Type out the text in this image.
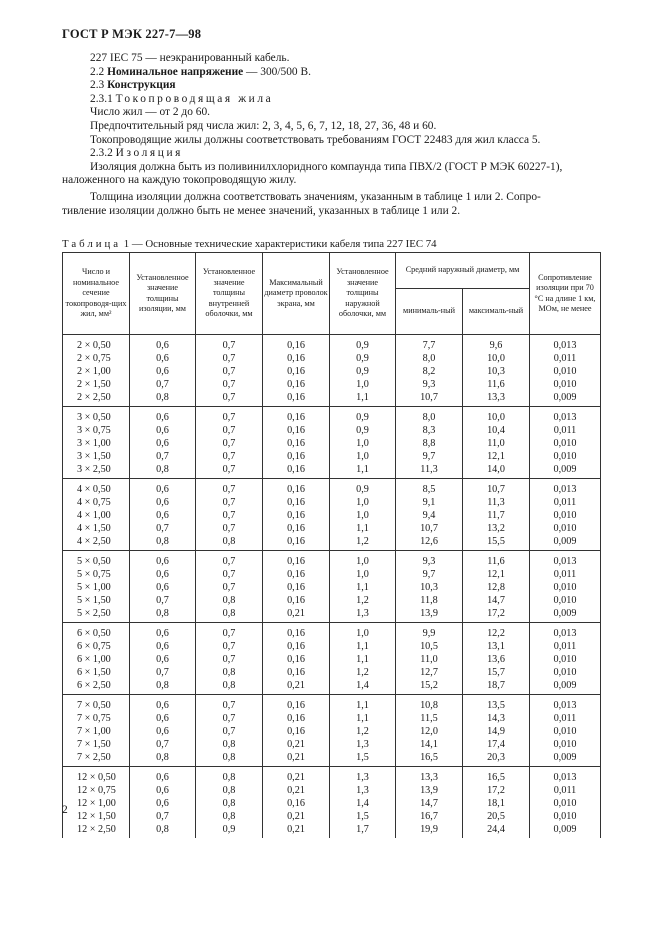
ГОСТ Р МЭК 227-7—98

227 IEC 75 — неэкранированный кабель.

2.2 Номинальное напряжение — 300/500 В.

2.3 Конструкция

2.3.1 Токопроводящая жила

Число жил — от 2 до 60.

Предпочтительный ряд числа жил: 2, 3, 4, 5, 6, 7, 12, 18, 27, 36, 48 и 60.

Токопроводящие жилы должны соответствовать требованиям ГОСТ 22483 для жил класса 5.

2.3.2 Изоляция

Изоляция должна быть из поливинилхлоридного компаунда типа ПВХ/2 (ГОСТ Р МЭК 60227-1),

наложенного на каждую токопроводящую жилу.

Толщина изоляции должна соответствовать значениям, указанным в таблице 1 или 2. Сопро-

тивление изоляции должно быть не менее значений, указанных в таблице 1 или 2.

Таблица 1 — Основные технические характеристики кабеля типа 227 IEC 74
Число и номинальное сечение токопроводя-щих жил, мм²	Установленное значение толщины изоляции, мм	Установленное значение толщины внутренней оболочки, мм	Максимальный диаметр проволок экрана, мм	Установленное значение толщины наружной оболочки, мм	Средний наружный диаметр, мм		Сопротивление изоляции при 70 °С на длине 1 км, МОм, не менее
					минималь-ный	максималь-ный	
2 × 0,50	0,6	0,7	0,16	0,9	7,7	9,6	0,013
2 × 0,75	0,6	0,7	0,16	0,9	8,0	10,0	0,011
2 × 1,00	0,6	0,7	0,16	0,9	8,2	10,3	0,010
2 × 1,50	0,7	0,7	0,16	1,0	9,3	11,6	0,010
2 × 2,50	0,8	0,7	0,16	1,1	10,7	13,3	0,009
3 × 0,50	0,6	0,7	0,16	0,9	8,0	10,0	0,013
3 × 0,75	0,6	0,7	0,16	0,9	8,3	10,4	0,011
3 × 1,00	0,6	0,7	0,16	1,0	8,8	11,0	0,010
3 × 1,50	0,7	0,7	0,16	1,0	9,7	12,1	0,010
3 × 2,50	0,8	0,7	0,16	1,1	11,3	14,0	0,009
4 × 0,50	0,6	0,7	0,16	0,9	8,5	10,7	0,013
4 × 0,75	0,6	0,7	0,16	1,0	9,1	11,3	0,011
4 × 1,00	0,6	0,7	0,16	1,0	9,4	11,7	0,010
4 × 1,50	0,7	0,7	0,16	1,1	10,7	13,2	0,010
4 × 2,50	0,8	0,8	0,16	1,2	12,6	15,5	0,009
5 × 0,50	0,6	0,7	0,16	1,0	9,3	11,6	0,013
5 × 0,75	0,6	0,7	0,16	1,0	9,7	12,1	0,011
5 × 1,00	0,6	0,7	0,16	1,1	10,3	12,8	0,010
5 × 1,50	0,7	0,8	0,16	1,2	11,8	14,7	0,010
5 × 2,50	0,8	0,8	0,21	1,3	13,9	17,2	0,009
6 × 0,50	0,6	0,7	0,16	1,0	9,9	12,2	0,013
6 × 0,75	0,6	0,7	0,16	1,1	10,5	13,1	0,011
6 × 1,00	0,6	0,7	0,16	1,1	11,0	13,6	0,010
6 × 1,50	0,7	0,8	0,16	1,2	12,7	15,7	0,010
6 × 2,50	0,8	0,8	0,21	1,4	15,2	18,7	0,009
7 × 0,50	0,6	0,7	0,16	1,1	10,8	13,5	0,013
7 × 0,75	0,6	0,7	0,16	1,1	11,5	14,3	0,011
7 × 1,00	0,6	0,7	0,16	1,2	12,0	14,9	0,010
7 × 1,50	0,7	0,8	0,21	1,3	14,1	17,4	0,010
7 × 2,50	0,8	0,8	0,21	1,5	16,5	20,3	0,009
12 × 0,50	0,6	0,8	0,21	1,3	13,3	16,5	0,013
12 × 0,75	0,6	0,8	0,21	1,3	13,9	17,2	0,011
12 × 1,00	0,6	0,8	0,16	1,4	14,7	18,1	0,010
12 × 1,50	0,7	0,8	0,21	1,5	16,7	20,5	0,010
12 × 2,50	0,8	0,9	0,21	1,7	19,9	24,4	0,009
2
